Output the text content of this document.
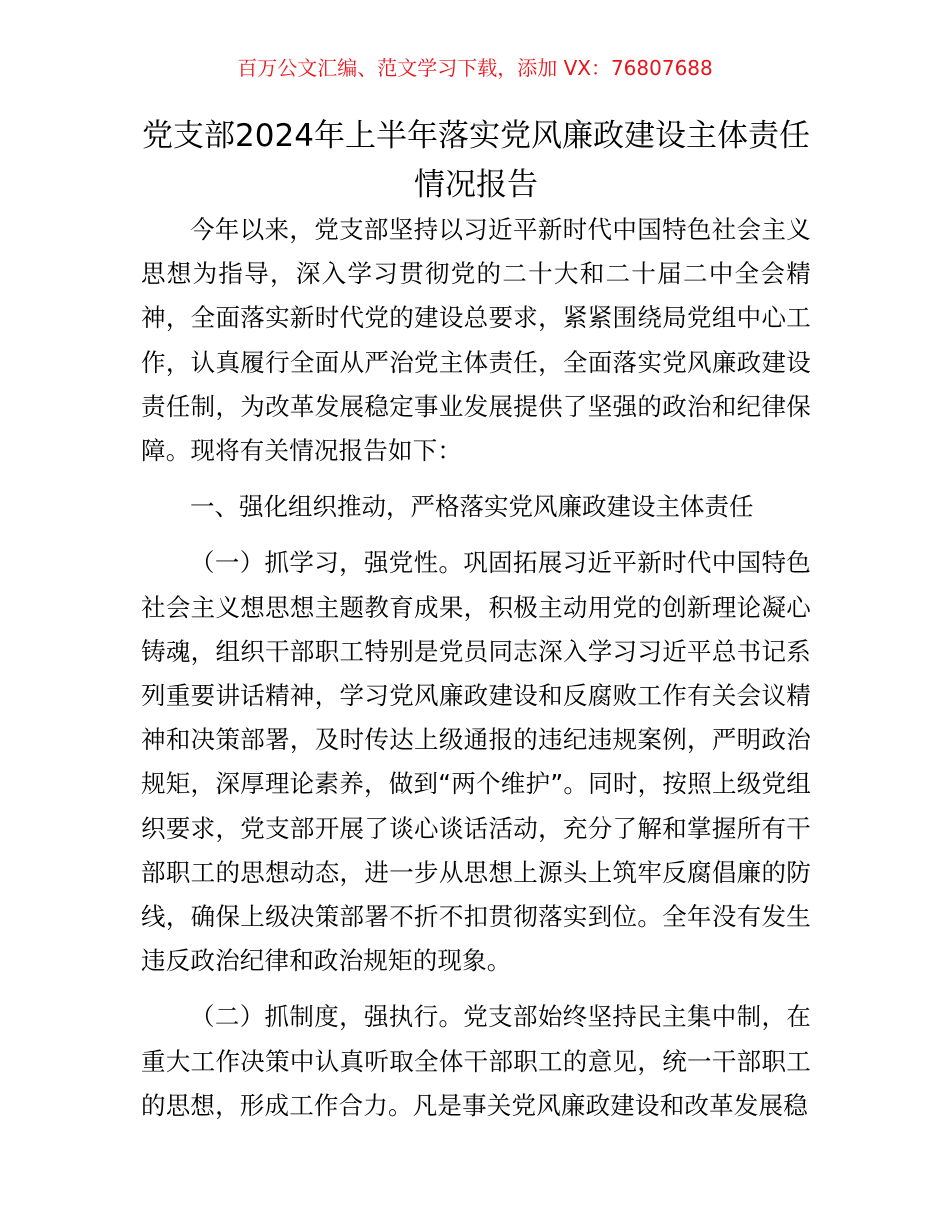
百万公文汇编、范文学习下载，添加 VX：76807688
党支部2024年上半年落实党风廉政建设主体责任情况报告

今年以来，党支部坚持以习近平新时代中国特色社会主义思想为指导，深入学习贯彻党的二十大和二十届二中全会精神，全面落实新时代党的建设总要求，紧紧围绕局党组中心工作，认真履行全面从严治党主体责任，全面落实党风廉政建设责任制，为改革发展稳定事业发展提供了坚强的政治和纪律保障。现将有关情况报告如下：

一、强化组织推动，严格落实党风廉政建设主体责任

（一）抓学习，强党性。巩固拓展习近平新时代中国特色社会主义想思想主题教育成果，积极主动用党的创新理论凝心铸魂，组织干部职工特别是党员同志深入学习习近平总书记系列重要讲话精神，学习党风廉政建设和反腐败工作有关会议精神和决策部署，及时传达上级通报的违纪违规案例，严明政治规矩，深厚理论素养，做到“两个维护”。同时，按照上级党组织要求，党支部开展了谈心谈话活动，充分了解和掌握所有干部职工的思想动态，进一步从思想上源头上筑牢反腐倡廉的防线，确保上级决策部署不折不扣贯彻落实到位。全年没有发生违反政治纪律和政治规矩的现象。

（二）抓制度，强执行。党支部始终坚持民主集中制，在重大工作决策中认真听取全体干部职工的意见，统一干部职工的思想，形成工作合力。凡是事关党风廉政建设和改革发展稳
